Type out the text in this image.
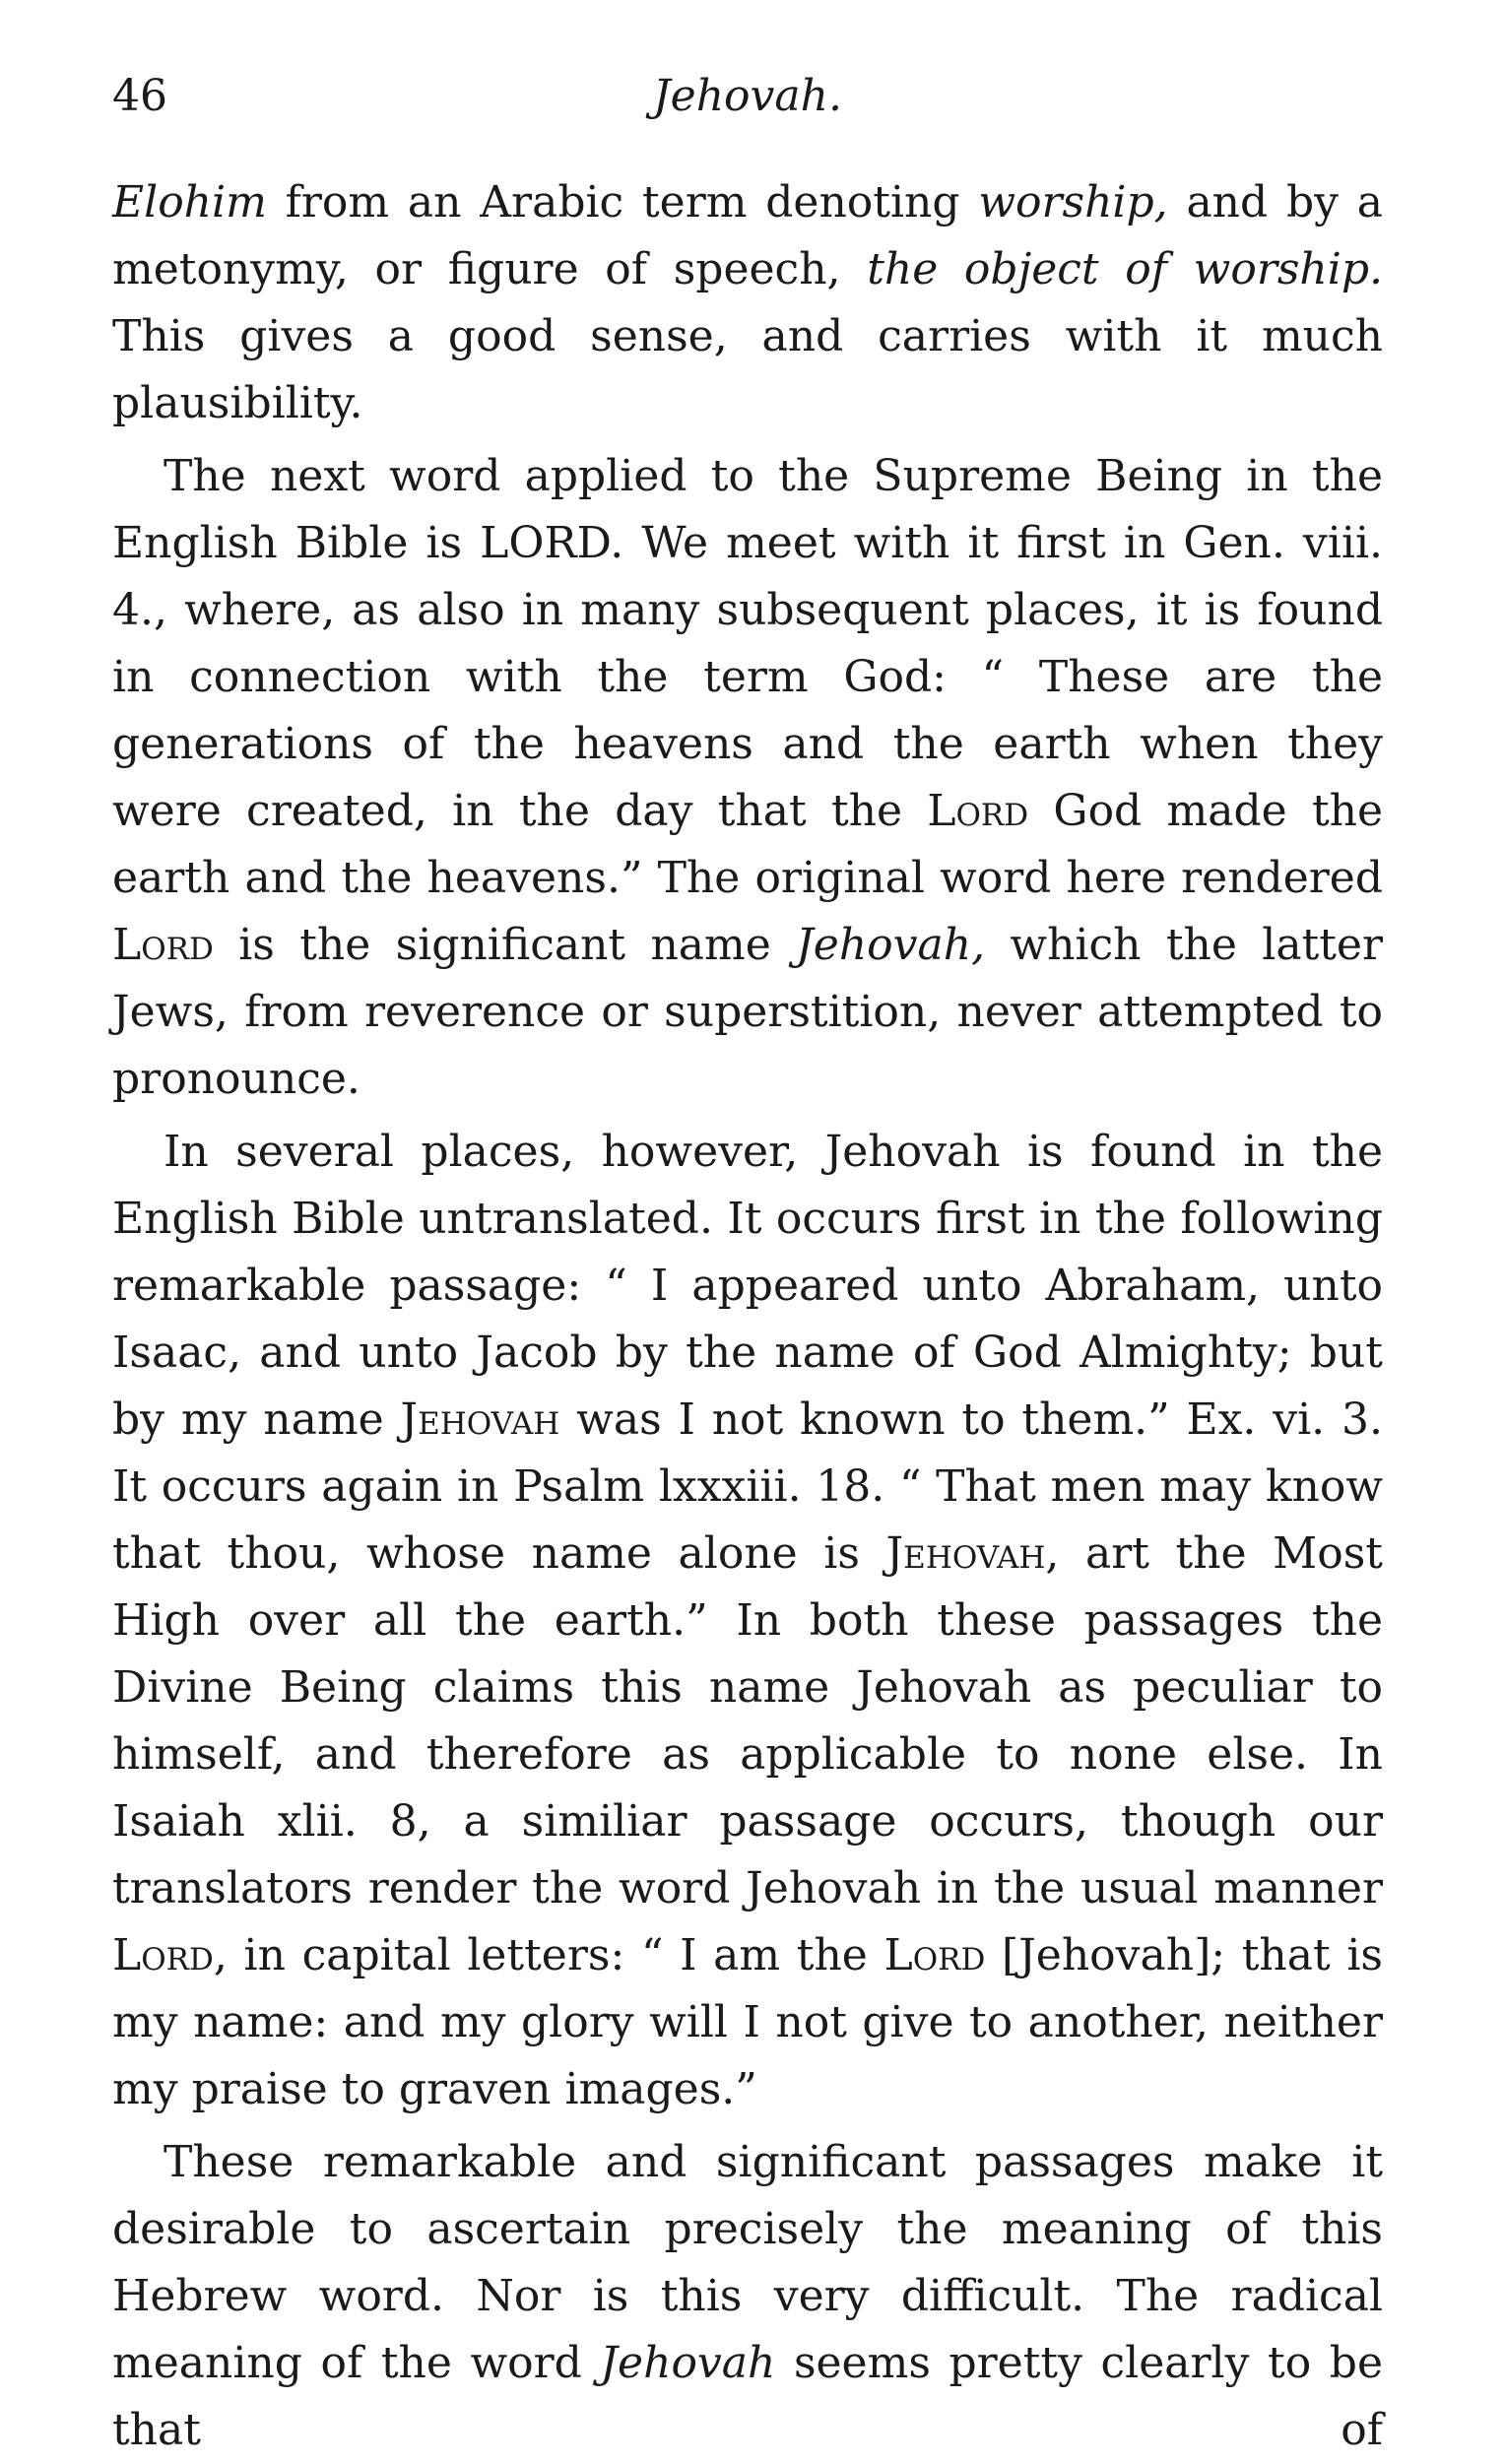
46	Jehovah.

Elohim from an Arabic term denoting worship, and by a metonymy, or figure of speech, the object of worship. This gives a good sense, and carries with it much plausibility.

The next word applied to the Supreme Being in the English Bible is LORD. We meet with it first in Gen. viii. 4., where, as also in many subsequent places, it is found in connection with the term God: “ These are the generations of the heavens and the earth when they were created, in the day that the Lord God made the earth and the heavens.” The original word here rendered Lord is the significant name Jehovah, which the latter Jews, from reverence or superstition, never attempted to pronounce.

In several places, however, Jehovah is found in the English Bible untranslated. It occurs first in the following remarkable passage: “ I appeared unto Abraham, unto Isaac, and unto Jacob by the name of God Almighty; but by my name Jehovah was I not known to them.” Ex. vi. 3. It occurs again in Psalm lxxxiii. 18. “ That men may know that thou, whose name alone is Jehovah, art the Most High over all the earth.” In both these passages the Divine Being claims this name Jehovah as peculiar to himself, and therefore as applicable to none else. In Isaiah xlii. 8, a similiar passage occurs, though our translators render the word Jehovah in the usual manner Lord, in capital letters: “ I am the Lord [Jehovah]; that is my name: and my glory will I not give to another, neither my praise to graven images.”

These remarkable and significant passages make it desirable to ascertain precisely the meaning of this Hebrew word. Nor is this very difficult. The radical meaning of the word Jehovah seems pretty clearly to be that of
